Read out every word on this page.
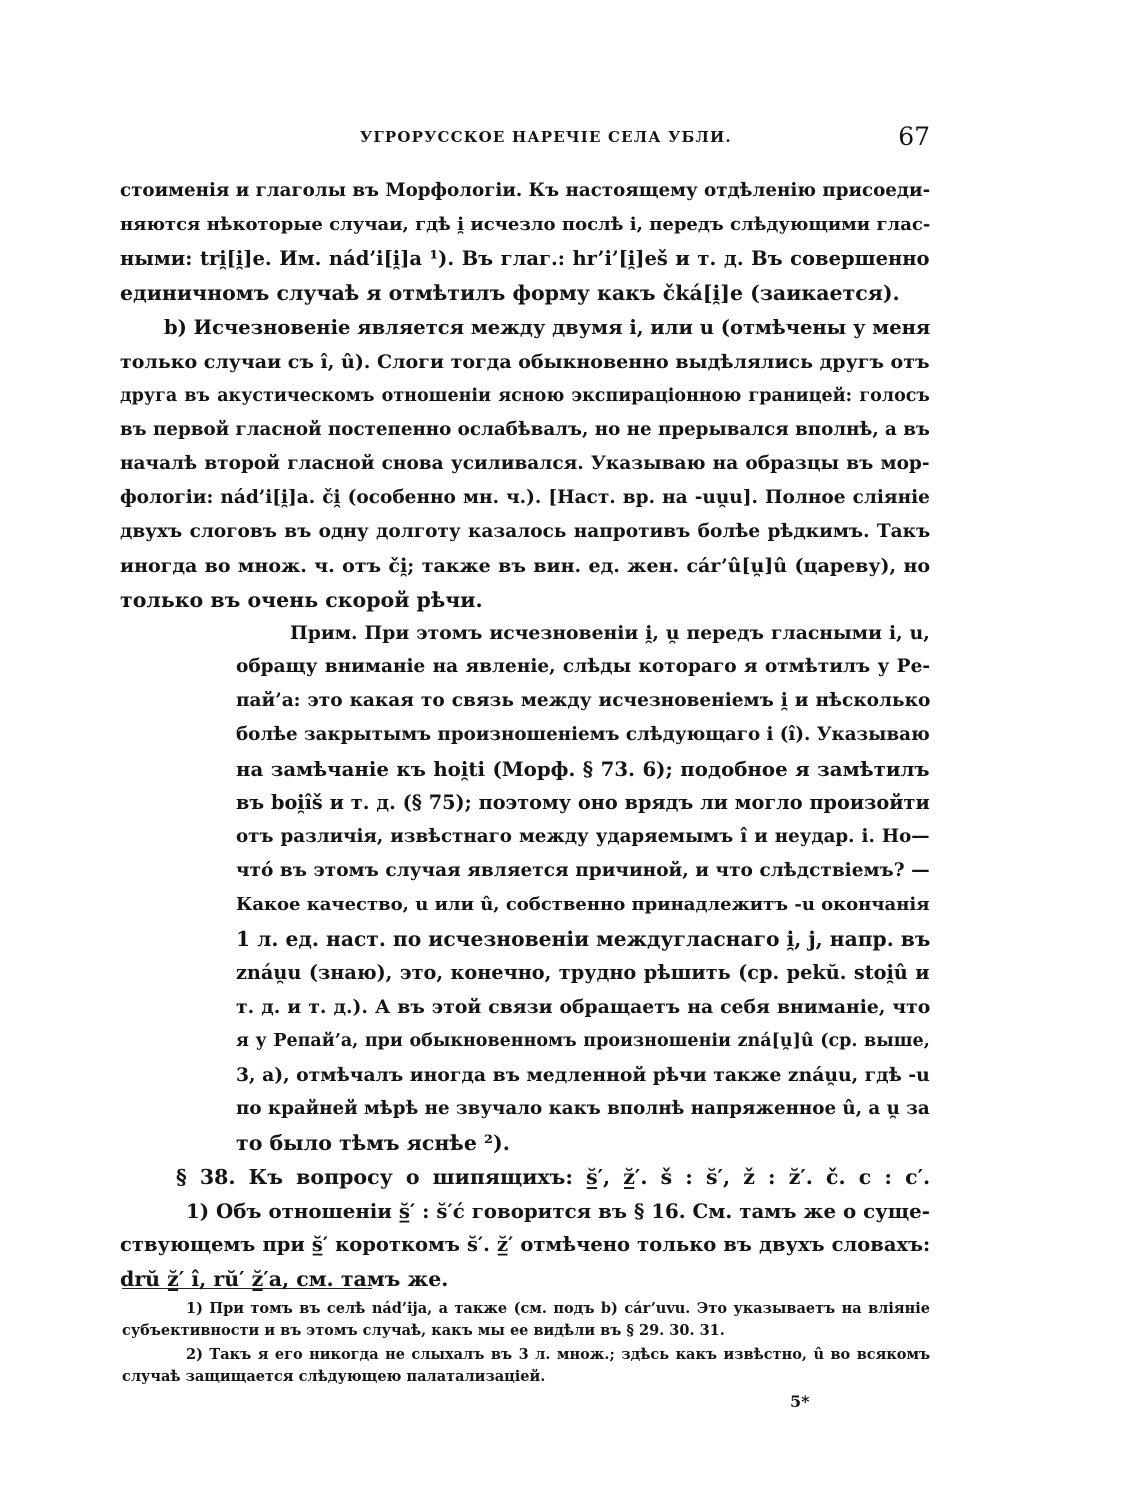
УГРОРУССКОЕ НАРЕЧІЕ СЕЛА УБЛИ.	67
стоименія и глаголы въ Морфологіи. Къ настоящему отдѣленію присоеди-
няются нѣкоторые случаи, гдѣ i̯ исчезло послѣ i, передъ слѣдующими глас-
ными: tri̯[i̯]e. Им. nád’i[i̯]a ¹). Въ глаг.: hr’i’[i̯]eš и т. д. Въ совершенно
единичномъ случаѣ я отмѣтилъ форму какъ čká[i̯]e (заикается).
b) Исчезновеніе является между двумя i, или u (отмѣчены у меня
только случаи съ î, û). Слоги тогда обыкновенно выдѣлялись другъ отъ
друга въ акустическомъ отношеніи ясною экспираціонною границей: голосъ
въ первой гласной постепенно ослабѣвалъ, но не прерывался вполнѣ, а въ
началѣ второй гласной снова усиливался. Указываю на образцы въ мор-
фологіи: nád’i[i̯]a. či̯ (особенно мн. ч.). [Наст. вр. на -uu̯u]. Полное сліяніе
двухъ слоговъ въ одну долготу казалось напротивъ болѣе рѣдкимъ. Такъ
иногда во множ. ч. отъ či̯; также въ вин. ед. жен. cár’û[u̯]û (цареву), но
только въ очень скорой рѣчи.
Прим. При этомъ исчезновеніи i̯, u̯ передъ гласными i, u,
обращу вниманіе на явленіе, слѣды котораго я отмѣтилъ у Ре-
пай’а: это какая то связь между исчезновеніемъ i̯ и нѣсколько
болѣе закрытымъ произношеніемъ слѣдующаго i (î). Указываю
на замѣчаніе къ hoi̯ti (Морф. § 73. 6); подобное я замѣтилъ
въ boi̯îš и т. д. (§ 75); поэтому оно врядъ ли могло произойти
отъ различія, извѣстнаго между ударяемымъ î и неудар. i. Но—
что́ въ этомъ случая является причиной, и что слѣдствіемъ? —
Какое качество, u или û, собственно принадлежитъ -u окончанія
1 л. ед. наст. по исчезновеніи междугласнаго i̯, j, напр. въ
znáu̯u (знаю), это, конечно, трудно рѣшить (ср. pekŭ. stoi̯û и
т. д. и т. д.). А въ этой связи обращаетъ на себя вниманіе, что
я у Репай’а, при обыкновенномъ произношеніи zná[u̯]û (ср. выше,
3, а), отмѣчалъ иногда въ медленной рѣчи также znáu̯u, гдѣ -u
по крайней мѣрѣ не звучало какъ вполнѣ напряженное û, а u̯ за
то было тѣмъ яснѣе ²).
§ 38. Къ вопросу о шипящихъ: s̲̆′, z̲̆′. š : s̆′, ž : z̆′. č. c : c′.
1) Объ отношеніи s̲̆′ : s̆′ć говорится въ § 16. См. тамъ же о суще-
ствующемъ при s̲̆′ короткомъ s̆′. z̲̆′ отмѣчено только въ двухъ словахъ:
drŭ z̲̆′ î, rŭ′ z̲̆′a, см. тамъ же.
1) При томъ въ селѣ nád’ija, а также (см. подъ b) cár’uvu. Это указываетъ на вліяніе
субъективности и въ этомъ случаѣ, какъ мы ее видѣли въ § 29. 30. 31.
2) Такъ я его никогда не слыхалъ въ 3 л. множ.; здѣсь какъ извѣстно, û во всякомъ
случаѣ защищается слѣдующею палатализаціей.
5*
